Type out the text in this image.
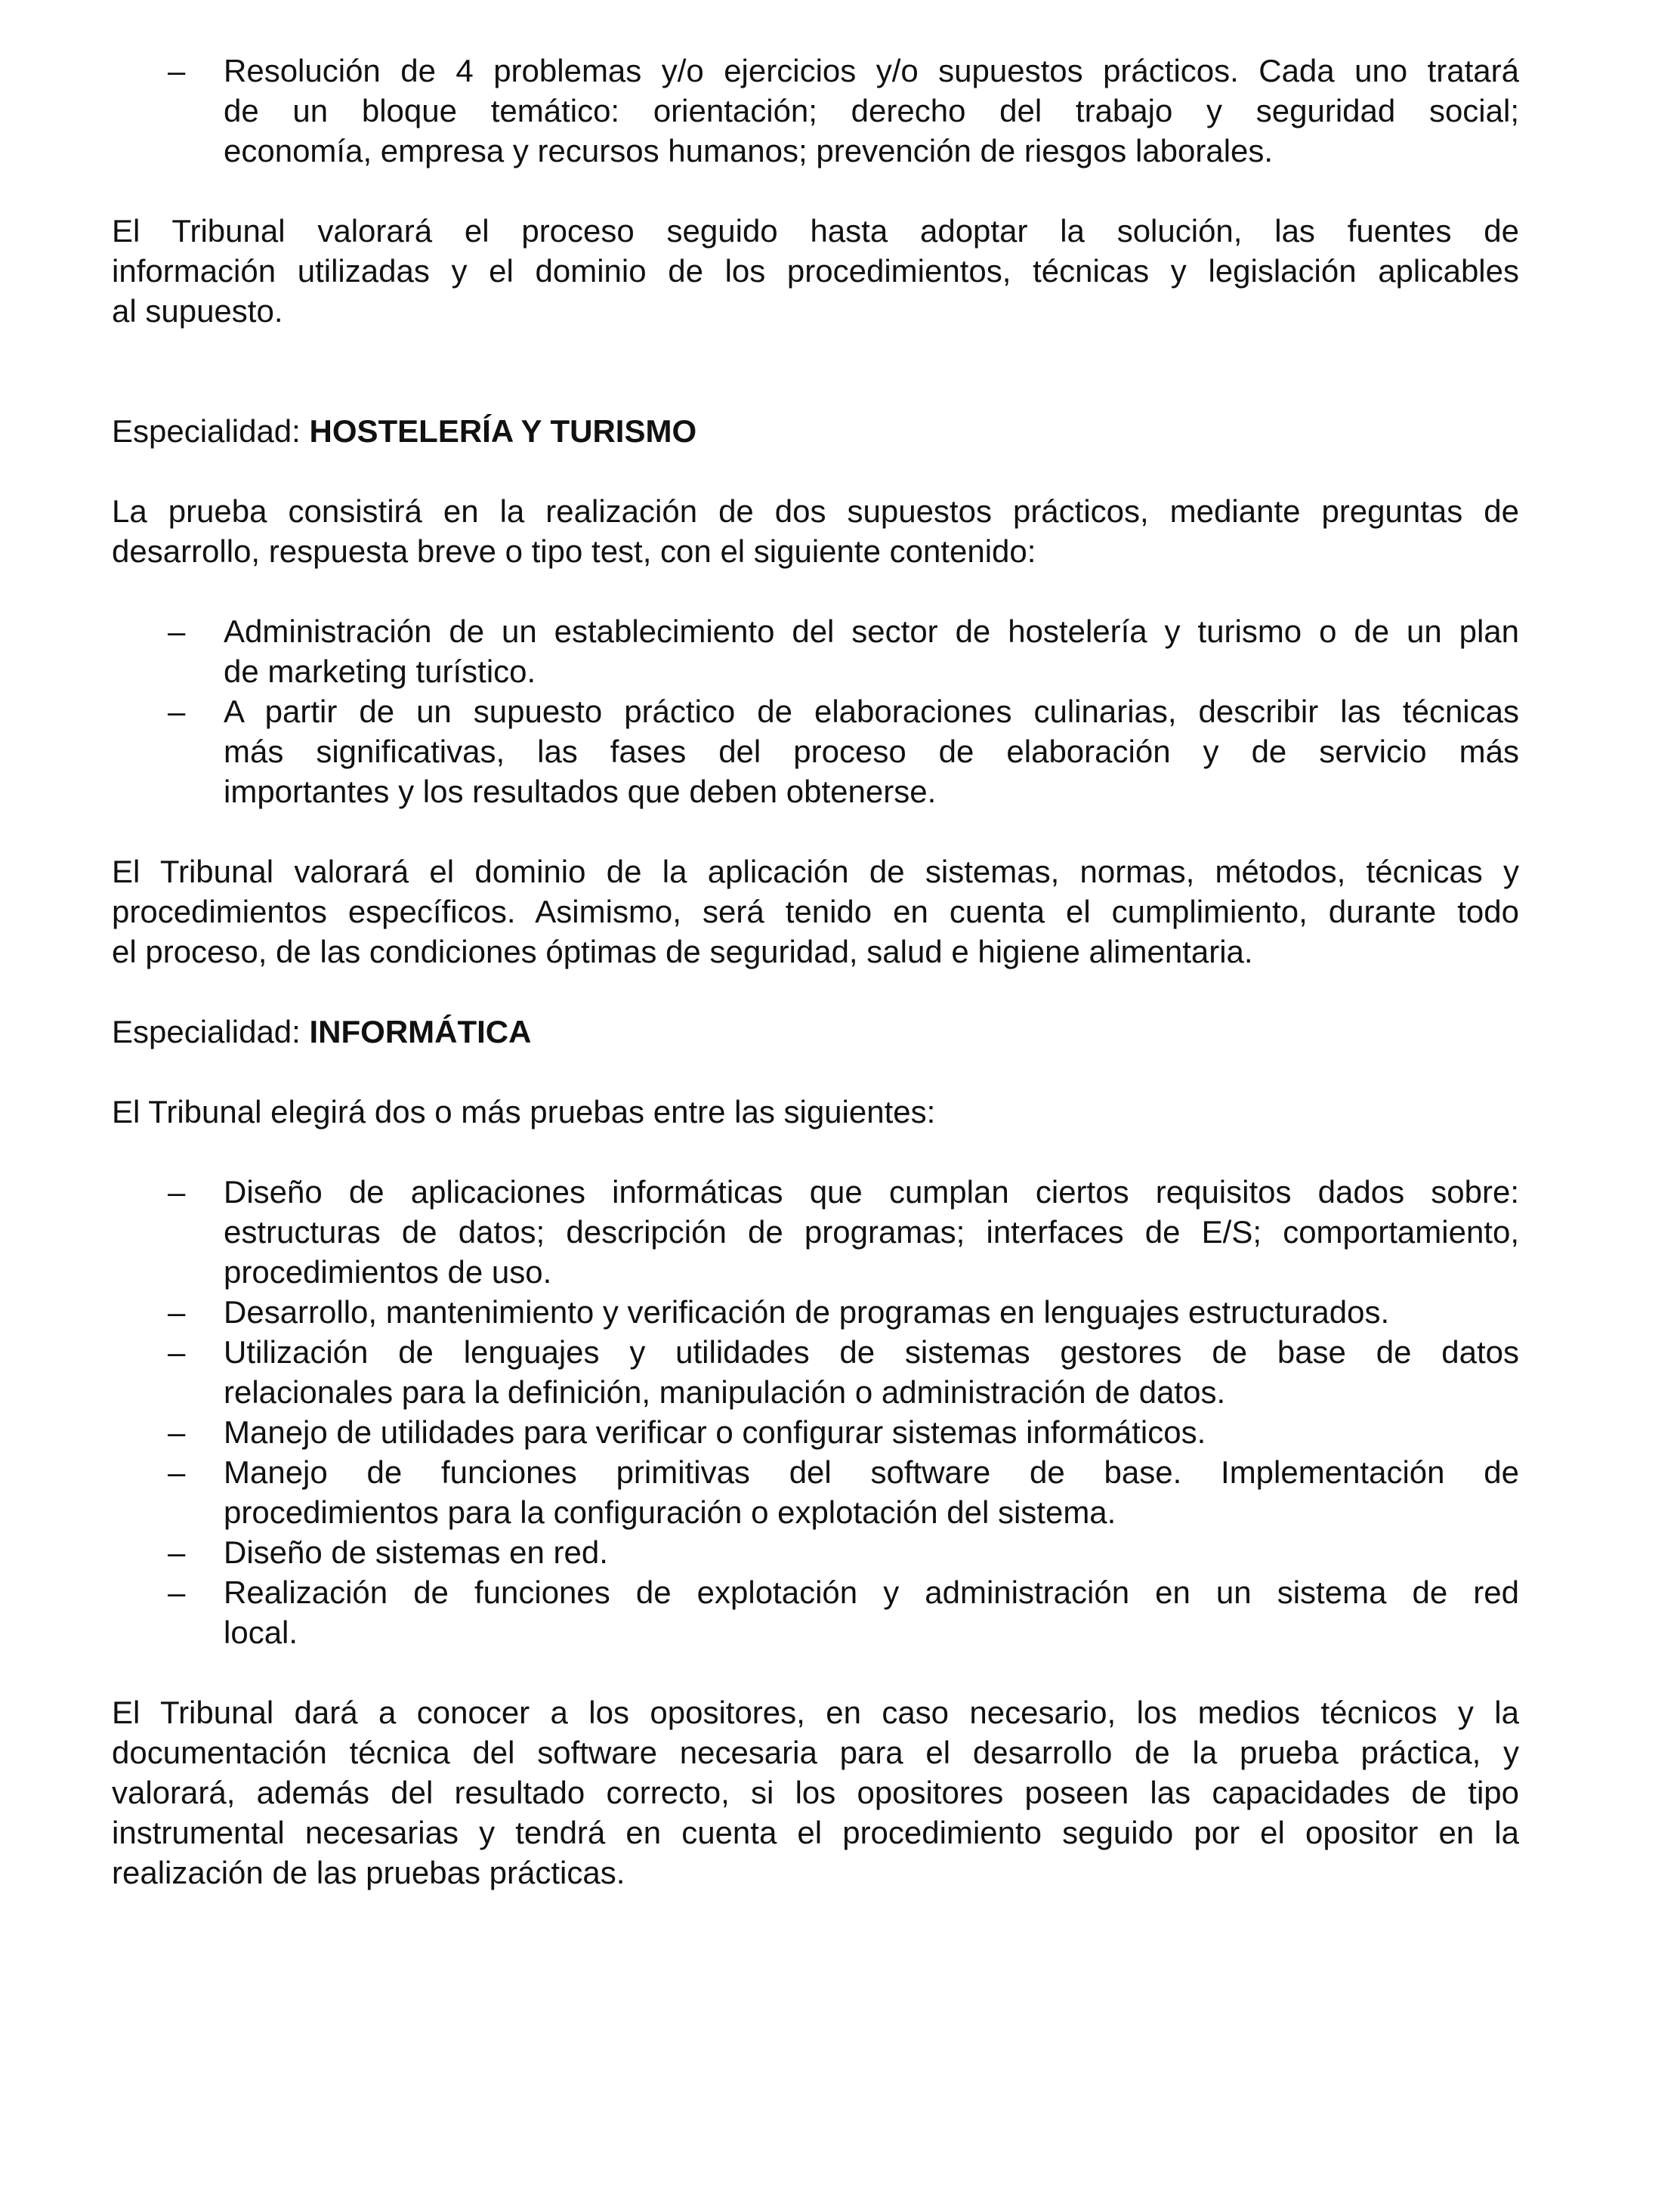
– Resolución de 4 problemas y/o ejercicios y/o supuestos prácticos. Cada uno tratará
de un bloque temático: orientación; derecho del trabajo y seguridad social;
economía, empresa y recursos humanos; prevención de riesgos laborales.
El Tribunal valorará el proceso seguido hasta adoptar la solución, las fuentes de
información utilizadas y el dominio de los procedimientos, técnicas y legislación aplicables
al supuesto.
Especialidad: HOSTELERÍA Y TURISMO
La prueba consistirá en la realización de dos supuestos prácticos, mediante preguntas de
desarrollo, respuesta breve o tipo test, con el siguiente contenido:
– Administración de un establecimiento del sector de hostelería y turismo o de un plan
de marketing turístico.
– A partir de un supuesto práctico de elaboraciones culinarias, describir las técnicas
más significativas, las fases del proceso de elaboración y de servicio más
importantes y los resultados que deben obtenerse.
El Tribunal valorará el dominio de la aplicación de sistemas, normas, métodos, técnicas y
procedimientos específicos. Asimismo, será tenido en cuenta el cumplimiento, durante todo
el proceso, de las condiciones óptimas de seguridad, salud e higiene alimentaria.
Especialidad: INFORMÁTICA
El Tribunal elegirá dos o más pruebas entre las siguientes:
– Diseño de aplicaciones informáticas que cumplan ciertos requisitos dados sobre:
estructuras de datos; descripción de programas; interfaces de E/S; comportamiento,
procedimientos de uso.
– Desarrollo, mantenimiento y verificación de programas en lenguajes estructurados.
– Utilización de lenguajes y utilidades de sistemas gestores de base de datos
relacionales para la definición, manipulación o administración de datos.
– Manejo de utilidades para verificar o configurar sistemas informáticos.
– Manejo de funciones primitivas del software de base. Implementación de
procedimientos para la configuración o explotación del sistema.
– Diseño de sistemas en red.
– Realización de funciones de explotación y administración en un sistema de red
local.
El Tribunal dará a conocer a los opositores, en caso necesario, los medios técnicos y la
documentación técnica del software necesaria para el desarrollo de la prueba práctica, y
valorará, además del resultado correcto, si los opositores poseen las capacidades de tipo
instrumental necesarias y tendrá en cuenta el procedimiento seguido por el opositor en la
realización de las pruebas prácticas.
